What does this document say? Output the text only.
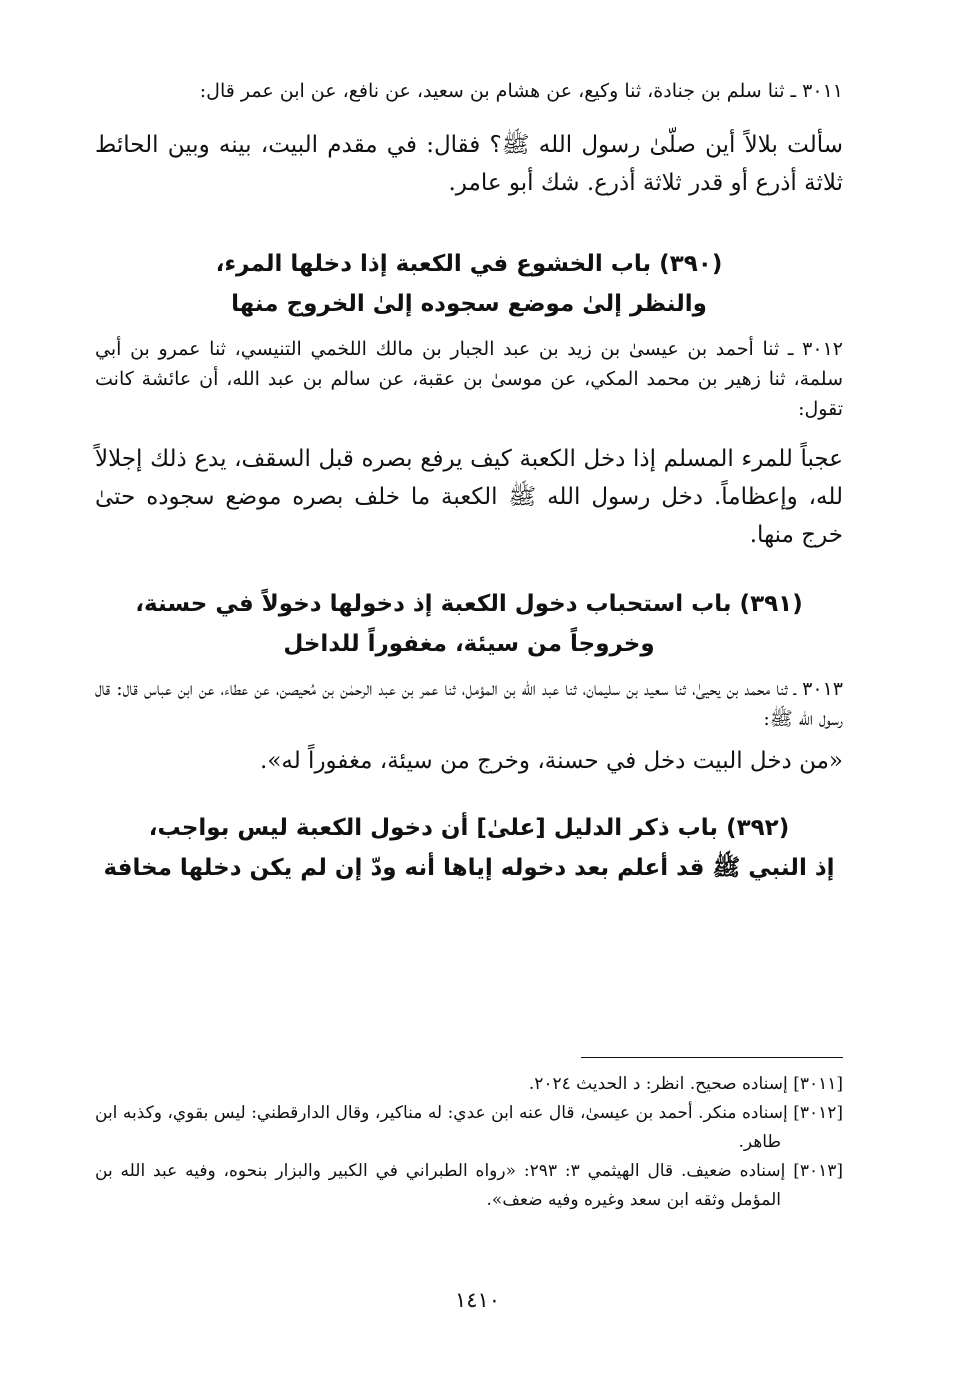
٣٠١١ ـ ثنا سلم بن جنادة، ثنا وكيع، عن هشام بن سعيد، عن نافع، عن ابن عمر قال:

سألت بلالاً أين صلّىٰ رسول الله ﷺ؟ فقال: في مقدم البيت، بينه وبين الحائط ثلاثة أذرع أو قدر ثلاثة أذرع. شك أبو عامر.

(٣٩٠) باب الخشوع في الكعبة إذا دخلها المرء،
والنظر إلىٰ موضع سجوده إلىٰ الخروج منها

٣٠١٢ ـ ثنا أحمد بن عيسىٰ بن زيد بن عبد الجبار بن مالك اللخمي التنيسي، ثنا عمرو بن أبي سلمة، ثنا زهير بن محمد المكي، عن موسىٰ بن عقبة، عن سالم بن عبد الله، أن عائشة كانت تقول:

عجباً للمرء المسلم إذا دخل الكعبة كيف يرفع بصره قبل السقف، يدع ذلك إجلالاً لله، وإعظاماً. دخل رسول الله ﷺ الكعبة ما خلف بصره موضع سجوده حتىٰ خرج منها.

(٣٩١) باب استحباب دخول الكعبة إذ دخولها دخولاً في حسنة،
وخروجاً من سيئة، مغفوراً للداخل

٣٠١٣ ـ ثنا محمد بن يحيىٰ، ثنا سعيد بن سليمان، ثنا عبد الله بن المؤمل، ثنا عمر بن عبد الرحمٰن بن مُحيصن، عن عطاء، عن ابن عباس قال: قال رسول الله ﷺ:

«من دخل البيت دخل في حسنة، وخرج من سيئة، مغفوراً له».

(٣٩٢) باب ذكر الدليل [علىٰ] أن دخول الكعبة ليس بواجب،
إذ النبي ﷺ قد أعلم بعد دخوله إياها أنه ودّ إن لم يكن دخلها مخافة

[٣٠١١] إسناده صحيح. انظر: د الحديث ٢٠٢٤.

[٣٠١٢] إسناده منكر. أحمد بن عيسىٰ، قال عنه ابن عدي: له مناكير، وقال الدارقطني: ليس بقوي، وكذبه ابن طاهر.

[٣٠١٣] إسناده ضعيف. قال الهيثمي ٣: ٢٩٣: «رواه الطبراني في الكبير والبزار بنحوه، وفيه عبد الله بن المؤمل وثقه ابن سعد وغيره وفيه ضعف».

١٤١٠
